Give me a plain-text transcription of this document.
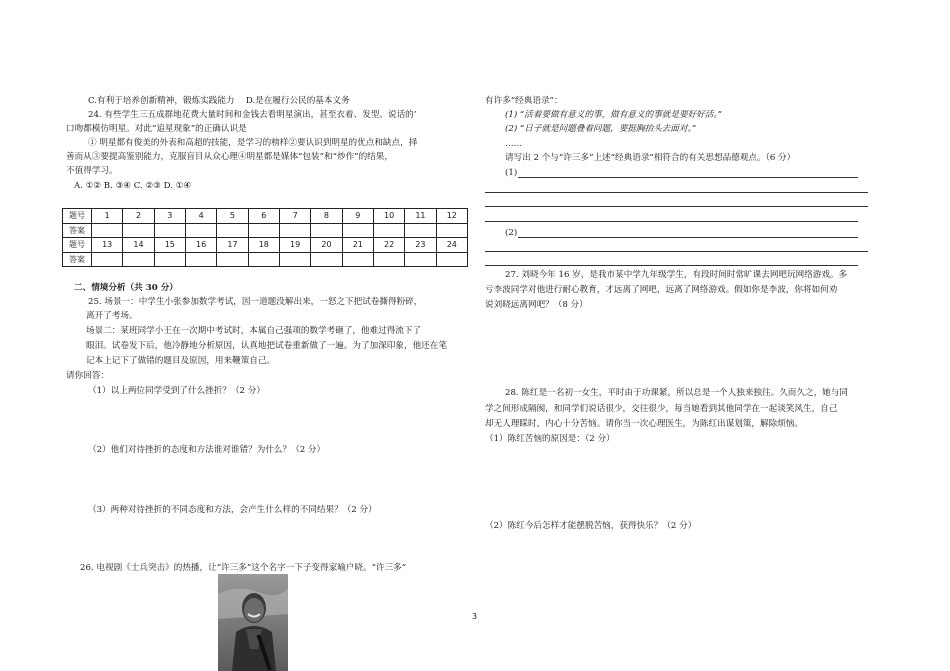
C.有利于培养创新精神，锻炼实践能力　 D.是在履行公民的基本义务
24. 有些学生三五成群地花费大量时间和金钱去看明星演出，甚至衣着、发型、说话的’
口吻都模仿明星。对此“追星现象”的正确认识是
① 明星都有俊美的外表和高超的技能，是学习的榜样②要认识到明星的优点和缺点，择
善而从③要提高鉴别能力，克服盲目从众心理④明星都是媒体“包装”和“炒作”的结果，
不值得学习。
A. ①② B. ③④ C. ②③ D. ①④
题号	1	2	3	4	5	6	7	8	9	10	11	12
答案												
题号	13	14	15	16	17	18	19	20	21	22	23	24
答案												
二、情境分析（共 30 分）
25. 场景一：中学生小张参加数学考试，因一道题没解出来，一怒之下把试卷撕得粉碎，
离开了考场。
场景二：某班同学小王在一次期中考试时，本属自己强项的数学考砸了，他难过得流下了
眼泪。试卷发下后，他冷静地分析原因，认真地把试卷重新做了一遍。为了加深印象，他还在笔
记本上记下了做错的题目及原因，用来鞭策自己。
请你回答：
（1）以上两位同学受到了什么挫折？（2 分）
（2）他们对待挫折的态度和方法谁对谁错？为什么？（2 分）
（3）两种对待挫折的不同态度和方法，会产生什么样的不同结果？（2 分）
26. 电视剧《士兵突击》的热播，让“许三多”这个名字一下子变得家喻户晓。“许三多”
3
有许多“经典语录”：
(1) “活着要做有意义的事，做有意义的事就是要好好活。”
(2) “日子就是问题叠着问题，要挺胸抬头去面对。”
……
请写出 2 个与“许三多”上述“经典语录”相符合的有关思想品德观点。（6 分）
(1)
(2)
27. 刘晓今年 16 岁，是我市某中学九年级学生，有段时间时常旷课去网吧玩网络游戏。多
亏李波同学对他进行耐心教育，才远离了网吧，远离了网络游戏。假如你是李波，你将如何劝
说刘晓远离网吧？（8 分）
28. 陈红是一名初一女生，平时由于功课紧，所以总是一个人独来独往。久而久之，她与同
学之间形成隔阂，和同学们说话很少，交往很少，每当她看到其他同学在一起谈笑风生，自己
却无人理睬时，内心十分苦恼。请你当一次心理医生，为陈红出谋划策，解除烦恼。
（1）陈红苦恼的原因是：（2 分）
（2）陈红今后怎样才能摆脱苦恼，获得快乐？（2 分）
